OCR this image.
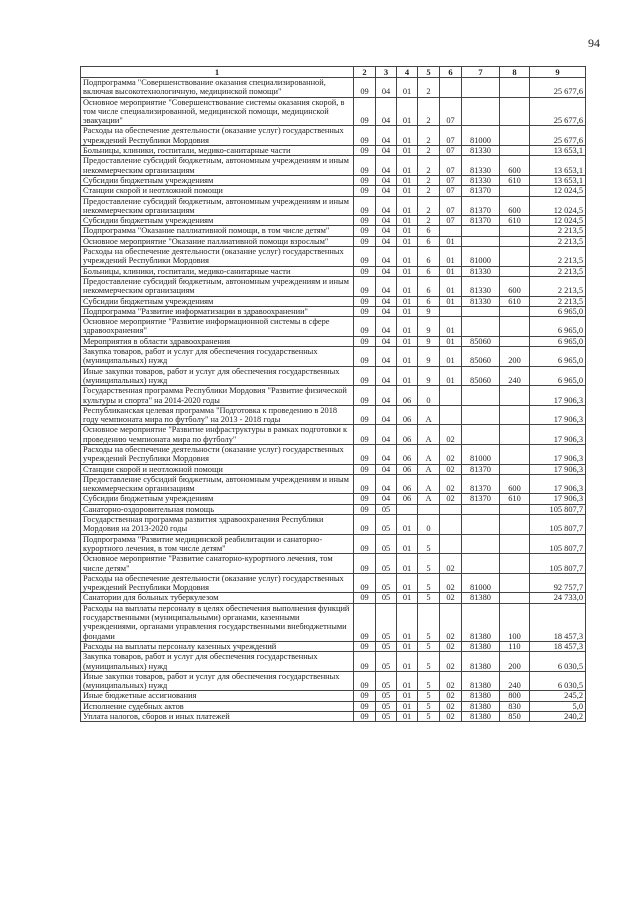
94
1	2	3	4	5	6	7	8	9
Подпрограмма "Совершенствование оказания специализированной, включая высокотехнологичную, медицинской помощи"	09	04	01	2				25 677,6
Основное мероприятие "Совершенствование системы оказания скорой, в том числе специализированной, медицинской помощи, медицинской эвакуации"	09	04	01	2	07			25 677,6
Расходы на обеспечение деятельности (оказание услуг) государственных учреждений Республики Мордовия	09	04	01	2	07	81000		25 677,6
Больницы, клиники, госпитали, медико-санитарные части	09	04	01	2	07	81330		13 653,1
Предоставление субсидий бюджетным, автономным учреждениям и иным некоммерческим организациям	09	04	01	2	07	81330	600	13 653,1
Субсидии бюджетным учреждениям	09	04	01	2	07	81330	610	13 653,1
Станции скорой и неотложной помощи	09	04	01	2	07	81370		12 024,5
Предоставление субсидий бюджетным, автономным учреждениям и иным некоммерческим организациям	09	04	01	2	07	81370	600	12 024,5
Субсидии бюджетным учреждениям	09	04	01	2	07	81370	610	12 024,5
Подпрограмма "Оказание паллиативной помощи, в том числе детям"	09	04	01	6				2 213,5
Основное мероприятие "Оказание паллиативной помощи взрослым"	09	04	01	6	01			2 213,5
Расходы на обеспечение деятельности (оказание услуг) государственных учреждений Республики Мордовия	09	04	01	6	01	81000		2 213,5
Больницы, клиники, госпитали, медико-санитарные части	09	04	01	6	01	81330		2 213,5
Предоставление субсидий бюджетным, автономным учреждениям и иным некоммерческим организациям	09	04	01	6	01	81330	600	2 213,5
Субсидии бюджетным учреждениям	09	04	01	6	01	81330	610	2 213,5
Подпрограмма "Развитие информатизации в здравоохранении"	09	04	01	9				6 965,0
Основное мероприятие "Развитие информационной системы в сфере здравоохранения"	09	04	01	9	01			6 965,0
Мероприятия в области здравоохранения	09	04	01	9	01	85060		6 965,0
Закупка товаров, работ и услуг для обеспечения государственных (муниципальных) нужд	09	04	01	9	01	85060	200	6 965,0
Иные закупки товаров, работ и услуг для обеспечения государственных (муниципальных) нужд	09	04	01	9	01	85060	240	6 965,0
Государственная программа Республики Мордовия "Развитие физической культуры и спорта" на 2014-2020 годы	09	04	06	0				17 906,3
Республиканская целевая программа "Подготовка к проведению в 2018 году чемпионата мира по футболу" на 2013 - 2018 годы	09	04	06	А				17 906,3
Основное мероприятие "Развитие инфраструктуры в рамках подготовки к проведению чемпионата мира по футболу"	09	04	06	А	02			17 906,3
Расходы на обеспечение деятельности (оказание услуг) государственных учреждений Республики Мордовия	09	04	06	А	02	81000		17 906,3
Станции скорой и неотложной помощи	09	04	06	А	02	81370		17 906,3
Предоставление субсидий бюджетным, автономным учреждениям и иным некоммерческим организациям	09	04	06	А	02	81370	600	17 906,3
Субсидии бюджетным учреждениям	09	04	06	А	02	81370	610	17 906,3
Санаторно-оздоровительная помощь	09	05						105 807,7
Государственная программа развития здравоохранения Республики Мордовия на 2013-2020 годы	09	05	01	0				105 807,7
Подпрограмма "Развитие медицинской реабилитации и санаторно-курортного лечения, в том числе детям"	09	05	01	5				105 807,7
Основное мероприятие "Развитие санаторно-курортного лечения, том числе детям"	09	05	01	5	02			105 807,7
Расходы на обеспечение деятельности (оказание услуг) государственных учреждений Республики Мордовия	09	05	01	5	02	81000		92 757,7
Санатории для больных туберкулезом	09	05	01	5	02	81380		24 733,0
Расходы на выплаты персоналу в целях обеспечения выполнения функций государственными (муниципальными) органами, казенными учреждениями, органами управления государственными внебюджетными фондами	09	05	01	5	02	81380	100	18 457,3
Расходы на выплаты персоналу казенных учреждений	09	05	01	5	02	81380	110	18 457,3
Закупка товаров, работ и услуг для обеспечения государственных (муниципальных) нужд	09	05	01	5	02	81380	200	6 030,5
Иные закупки товаров, работ и услуг для обеспечения государственных (муниципальных) нужд	09	05	01	5	02	81380	240	6 030,5
Иные бюджетные ассигнования	09	05	01	5	02	81380	800	245,2
Исполнение судебных актов	09	05	01	5	02	81380	830	5,0
Уплата налогов, сборов и иных платежей	09	05	01	5	02	81380	850	240,2
